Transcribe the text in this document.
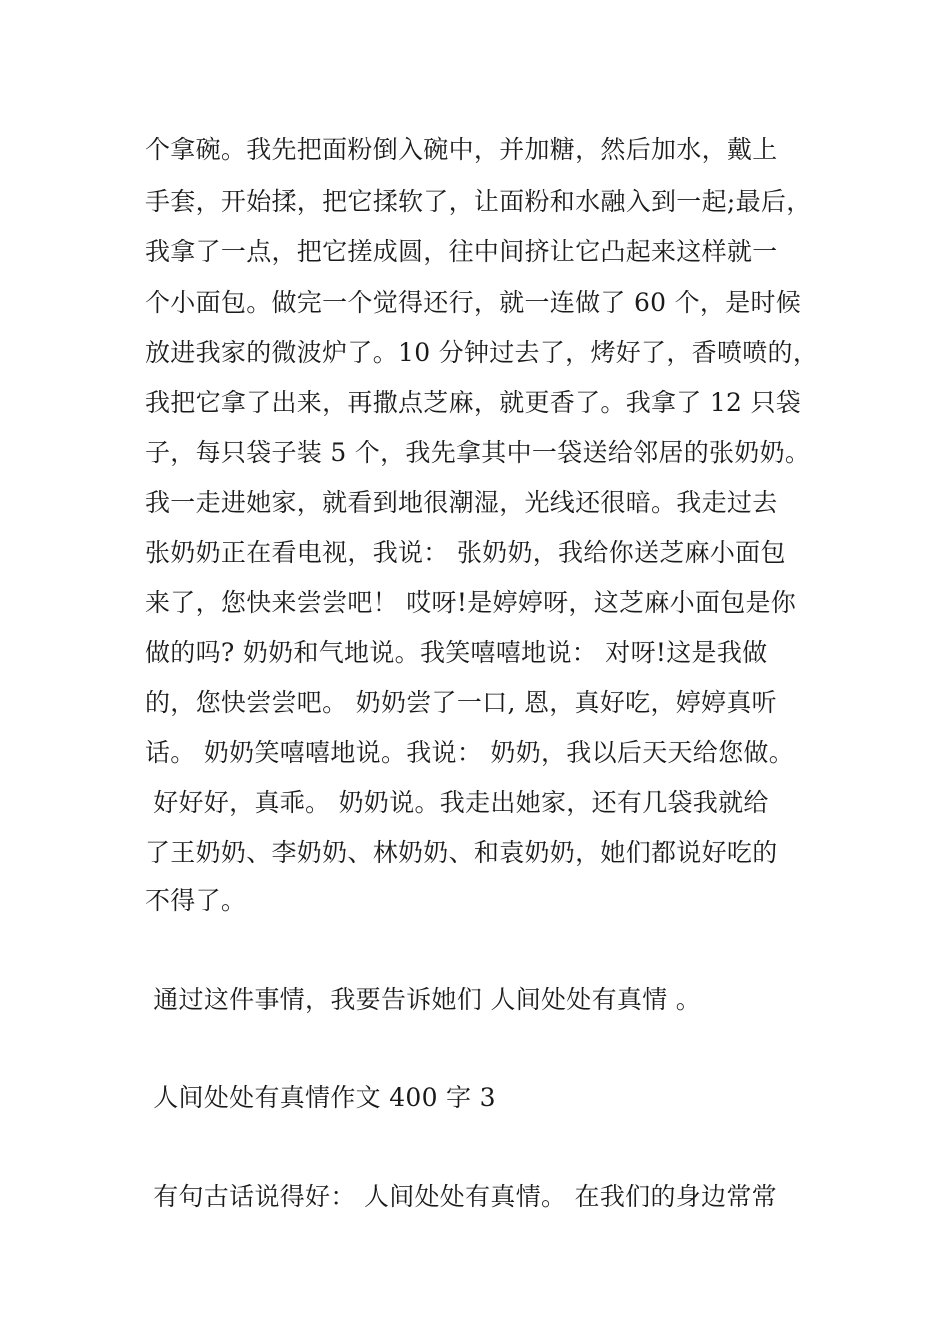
个拿碗。我先把面粉倒入碗中，并加糖，然后加水，戴上
手套，开始揉，把它揉软了，让面粉和水融入到一起;最后，
我拿了一点，把它搓成圆，往中间挤让它凸起来这样就一
个小面包。做完一个觉得还行，就一连做了 60 个，是时候
放进我家的微波炉了。10 分钟过去了，烤好了，香喷喷的，
我把它拿了出来，再撒点芝麻，就更香了。我拿了 12 只袋
子，每只袋子装 5 个，我先拿其中一袋送给邻居的张奶奶。
我一走进她家，就看到地很潮湿，光线还很暗。我走过去
张奶奶正在看电视，我说： 张奶奶，我给你送芝麻小面包
来了，您快来尝尝吧！ 哎呀!是婷婷呀，这芝麻小面包是你
做的吗? 奶奶和气地说。我笑嘻嘻地说： 对呀!这是我做
的，您快尝尝吧。 奶奶尝了一口, 恩，真好吃，婷婷真听
话。 奶奶笑嘻嘻地说。我说： 奶奶，我以后天天给您做。
好好好，真乖。 奶奶说。我走出她家，还有几袋我就给
了王奶奶、李奶奶、林奶奶、和袁奶奶，她们都说好吃的
不得了。
通过这件事情，我要告诉她们 人间处处有真情 。
人间处处有真情作文 400 字 3
有句古话说得好： 人间处处有真情。 在我们的身边常常
